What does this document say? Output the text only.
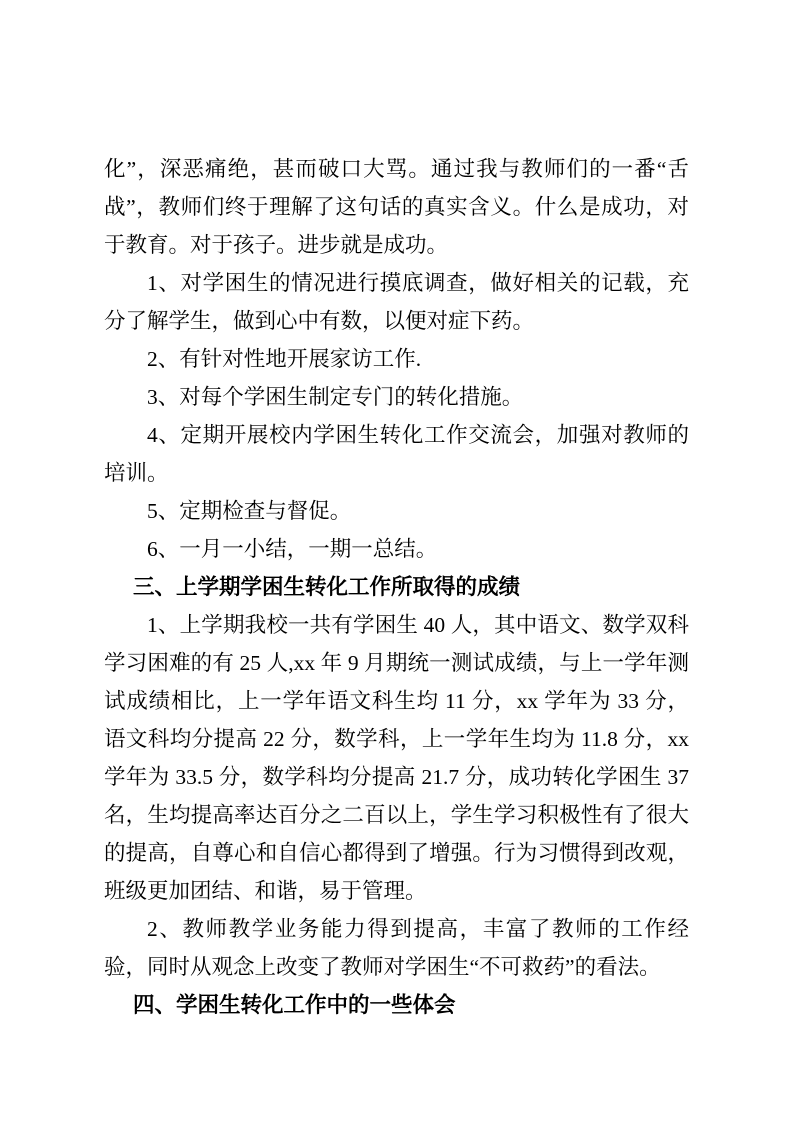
化”，深恶痛绝，甚而破口大骂。通过我与教师们的一番“舌战”，教师们终于理解了这句话的真实含义。什么是成功，对于教育。对于孩子。进步就是成功。

1、对学困生的情况进行摸底调查，做好相关的记载，充分了解学生，做到心中有数，以便对症下药。

2、有针对性地开展家访工作.

3、对每个学困生制定专门的转化措施。

4、定期开展校内学困生转化工作交流会，加强对教师的培训。

5、定期检查与督促。

6、一月一小结，一期一总结。

三、上学期学困生转化工作所取得的成绩

1、上学期我校一共有学困生 40 人，其中语文、数学双科学习困难的有 25 人,xx 年 9 月期统一测试成绩，与上一学年测试成绩相比，上一学年语文科生均 11 分，xx 学年为 33 分，语文科均分提高 22 分，数学科，上一学年生均为 11.8 分，xx 学年为 33.5 分，数学科均分提高 21.7 分，成功转化学困生 37 名，生均提高率达百分之二百以上，学生学习积极性有了很大的提高，自尊心和自信心都得到了增强。行为习惯得到改观，班级更加团结、和谐，易于管理。

2、教师教学业务能力得到提高，丰富了教师的工作经验，同时从观念上改变了教师对学困生“不可救药”的看法。

四、学困生转化工作中的一些体会
